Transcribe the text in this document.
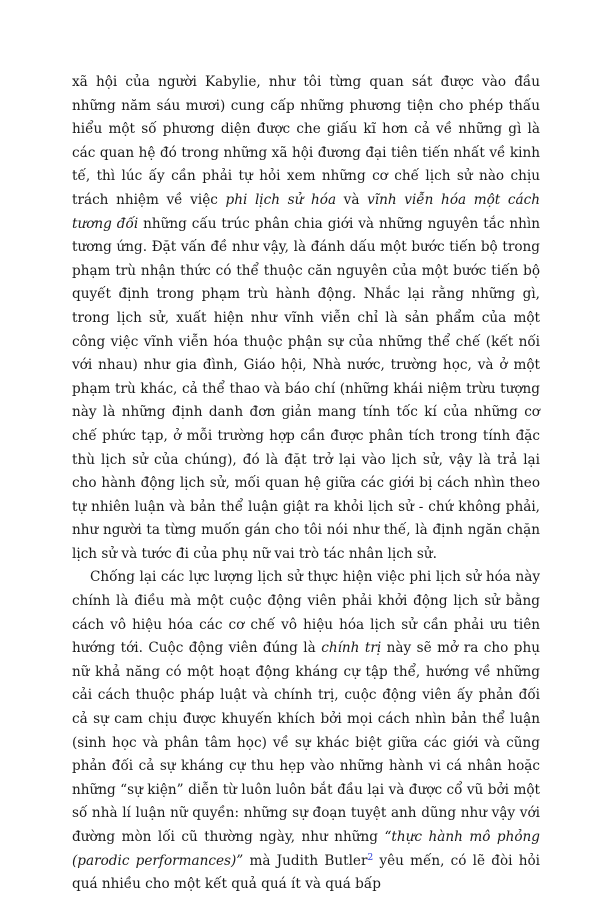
xã hội của người Kabylie, như tôi từng quan sát được vào đầu những năm sáu mươi) cung cấp những phương tiện cho phép thấu hiểu một số phương diện được che giấu kĩ hơn cả về những gì là các quan hệ đó trong những xã hội đương đại tiên tiến nhất về kinh tế, thì lúc ấy cần phải tự hỏi xem những cơ chế lịch sử nào chịu trách nhiệm về việc phi lịch sử hóa và vĩnh viễn hóa một cách tương đối những cấu trúc phân chia giới và những nguyên tắc nhìn tương ứng. Đặt vấn đề như vậy, là đánh dấu một bước tiến bộ trong phạm trù nhận thức có thể thuộc căn nguyên của một bước tiến bộ quyết định trong phạm trù hành động. Nhắc lại rằng những gì, trong lịch sử, xuất hiện như vĩnh viễn chỉ là sản phẩm của một công việc vĩnh viễn hóa thuộc phận sự của những thể chế (kết nối với nhau) như gia đình, Giáo hội, Nhà nước, trường học, và ở một phạm trù khác, cả thể thao và báo chí (những khái niệm trừu tượng này là những định danh đơn giản mang tính tốc kí của những cơ chế phức tạp, ở mỗi trường hợp cần được phân tích trong tính đặc thù lịch sử của chúng), đó là đặt trở lại vào lịch sử, vậy là trả lại cho hành động lịch sử, mối quan hệ giữa các giới bị cách nhìn theo tự nhiên luận và bản thể luận giật ra khỏi lịch sử - chứ không phải, như người ta từng muốn gán cho tôi nói như thế, là định ngăn chặn lịch sử và tước đi của phụ nữ vai trò tác nhân lịch sử.

Chống lại các lực lượng lịch sử thực hiện việc phi lịch sử hóa này chính là điều mà một cuộc động viên phải khởi động lịch sử bằng cách vô hiệu hóa các cơ chế vô hiệu hóa lịch sử cần phải ưu tiên hướng tới. Cuộc động viên đúng là chính trị này sẽ mở ra cho phụ nữ khả năng có một hoạt động kháng cự tập thể, hướng về những cải cách thuộc pháp luật và chính trị, cuộc động viên ấy phản đối cả sự cam chịu được khuyến khích bởi mọi cách nhìn bản thể luận (sinh học và phân tâm học) về sự khác biệt giữa các giới và cũng phản đối cả sự kháng cự thu hẹp vào những hành vi cá nhân hoặc những “sự kiện” diễn từ luôn luôn bắt đầu lại và được cổ vũ bởi một số nhà lí luận nữ quyền: những sự đoạn tuyệt anh dũng như vậy với đường mòn lối cũ thường ngày, như những “thực hành mô phỏng (parodic performances)” mà Judith Butler$^2$ yêu mến, có lẽ đòi hỏi quá nhiều cho một kết quả quá ít và quá bấp
